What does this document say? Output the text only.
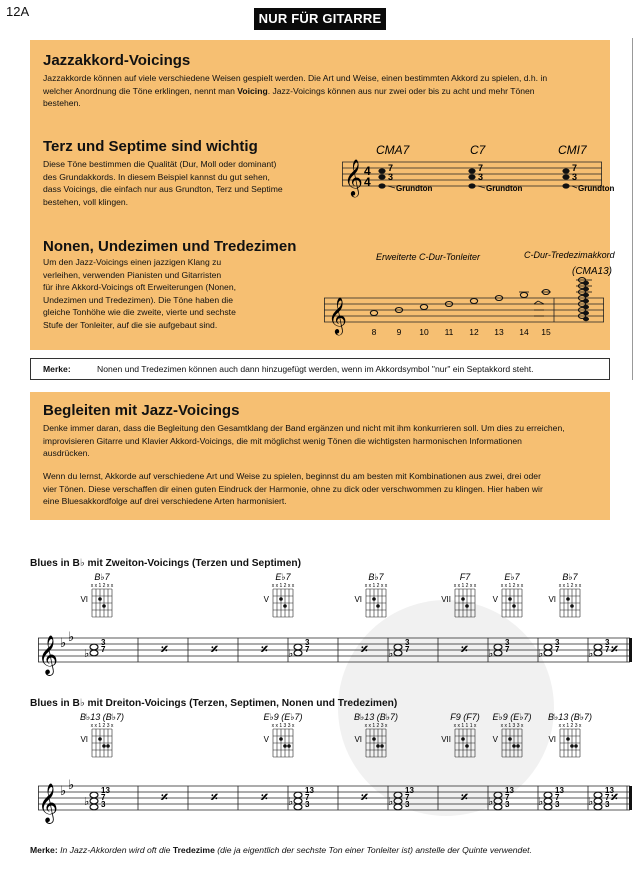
12A	NUR FÜR GITARRE
Jazzakkord-Voicings
Jazzakkorde können auf viele verschiedene Weisen gespielt werden. Die Art und Weise, einen bestimmten Akkord zu spielen, d.h. in
welcher Anordnung die Töne erklingen, nennt man Voicing. Jazz-Voicings können aus nur zwei oder bis zu acht und mehr Tönen
bestehen.
Terz und Septime sind wichtig
Diese Töne bestimmen die Qualität (Dur, Moll oder dominant)
des Grundakkords. In diesem Beispiel kannst du gut sehen,
dass Voicings, die einfach nur aus Grundton, Terz und Septime
bestehen, voll klingen.
𝄞 4
4
CMA7	C7	CMI7
7
3
7
3
7
3
Grundton	Grundton	Grundton
Nonen, Undezimen und Tredezimen
Um den Jazz-Voicings einen jazzigen Klang zu
verleihen, verwenden Pianisten und Gitarristen
für ihre Akkord-Voicings oft Erweiterungen (Nonen,
Undezimen und Tredezimen). Die Töne haben die
gleiche Tonhöhe wie die zweite, vierte und sechste
Stufe der Tonleiter, auf die sie aufgebaut sind.
Erweiterte C-Dur-Tonleiter	C-Dur-Tredezimakkord
(CMA13)
𝄞	8 9 10 11 12 13 14 15
Merke:	Nonen und Tredezimen können auch dann hinzugefügt werden, wenn im Akkordsymbol "nur" ein Septakkord steht.
Begleiten mit Jazz-Voicings
Denke immer daran, dass die Begleitung den Gesamtklang der Band ergänzen und nicht mit ihm konkurrieren soll. Um dies zu erreichen,
improvisieren Gitarre und Klavier Akkord-Voicings, die mit möglichst wenig Tönen die wichtigsten harmonischen Informationen
ausdrücken.
Wenn du lernst, Akkorde auf verschiedene Art und Weise zu spielen, beginnst du am besten mit Kombinationen aus zwei, drei oder
vier Tönen. Diese verschaffen dir einen guten Eindruck der Harmonie, ohne zu dick oder verschwommen zu klingen. Hier haben wir
eine Bluesakkordfolge auf drei verschiedene Arten harmonisiert.
Blues in B♭ mit Zweiton-Voicings (Terzen und Septimen)
B♭7
x x 1 2 x x
VI
E♭7
x x 1 2 x x
V
B♭7
x x 1 2 x x
VI
F7
x x 1 2 x x
VII
E♭7
x x 1 2 x x
V
B♭7
x x 1 2 x x
VI
𝄞 ♭ ♭
♭
3
7	𝄎	𝄎	𝄎 ♭
3
7	𝄎 ♭
3
7	𝄎 ♭
3
7	♭
3
7	♭
3
7 𝄎
Blues in B♭ mit Dreiton-Voicings (Terzen, Septimen, Nonen und Tredezimen)
B♭13 (B♭7)
x x 1 2 3 x
VI
E♭9 (E♭7)
x x 1 3 3 x
V
B♭13 (B♭7)
x x 1 2 3 x
VI
F9 (F7)
x x 1 1 1 x
VII
E♭9 (E♭7)
x x 1 3 3 x
V
B♭13 (B♭7)
x x 1 2 3 x
VI
𝄞 ♭ ♭
♭
13
7
3	𝄎	𝄎	𝄎 ♭
13
7
3	𝄎 ♭
13
7
3	𝄎 ♭
13
7
3	♭
13
7
3	♭
13
7
3 𝄎
Merke: In Jazz-Akkorden wird oft die Tredezime (die ja eigentlich der sechste Ton einer Tonleiter ist) anstelle der Quinte verwendet.
